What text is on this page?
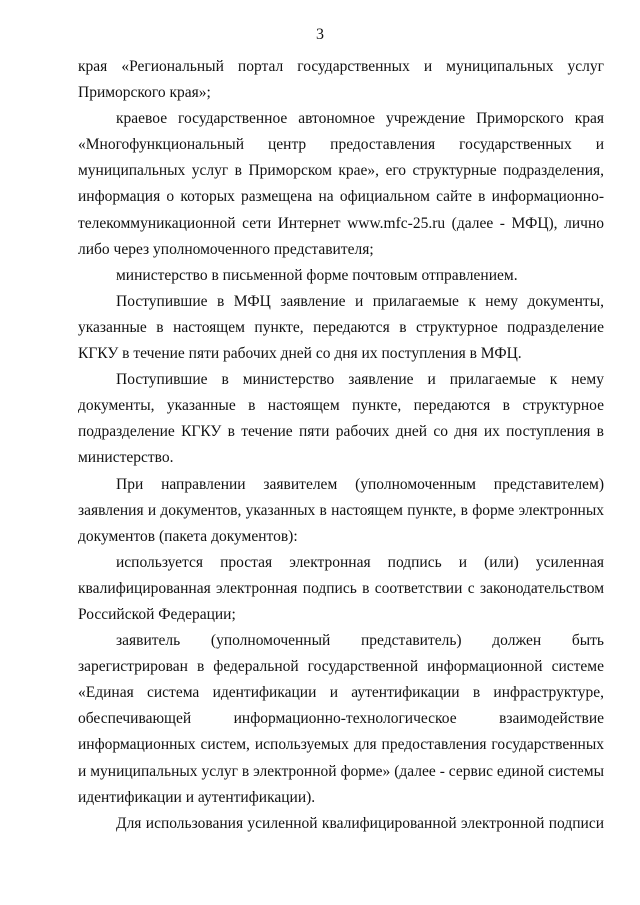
3

края «Региональный портал государственных и муниципальных услуг Приморского края»;

краевое государственное автономное учреждение Приморского края «Многофункциональный центр предоставления государственных и муниципальных услуг в Приморском крае», его структурные подразделения, информация о которых размещена на официальном сайте в информационно-телекоммуникационной сети Интернет www.mfc-25.ru (далее - МФЦ), лично либо через уполномоченного представителя;

министерство в письменной форме почтовым отправлением.

Поступившие в МФЦ заявление и прилагаемые к нему документы, указанные в настоящем пункте, передаются в структурное подразделение КГКУ в течение пяти рабочих дней со дня их поступления в МФЦ.

Поступившие в министерство заявление и прилагаемые к нему документы, указанные в настоящем пункте, передаются в структурное подразделение КГКУ в течение пяти рабочих дней со дня их поступления в министерство.

При направлении заявителем (уполномоченным представителем) заявления и документов, указанных в настоящем пункте, в форме электронных документов (пакета документов):

используется простая электронная подпись и (или) усиленная квалифицированная электронная подпись в соответствии с законодательством Российской Федерации;

заявитель (уполномоченный представитель) должен быть зарегистрирован в федеральной государственной информационной системе «Единая система идентификации и аутентификации в инфраструктуре, обеспечивающей информационно-технологическое взаимодействие информационных систем, используемых для предоставления государственных и муниципальных услуг в электронной форме» (далее - сервис единой системы идентификации и аутентификации).

Для использования усиленной квалифицированной электронной подписи
